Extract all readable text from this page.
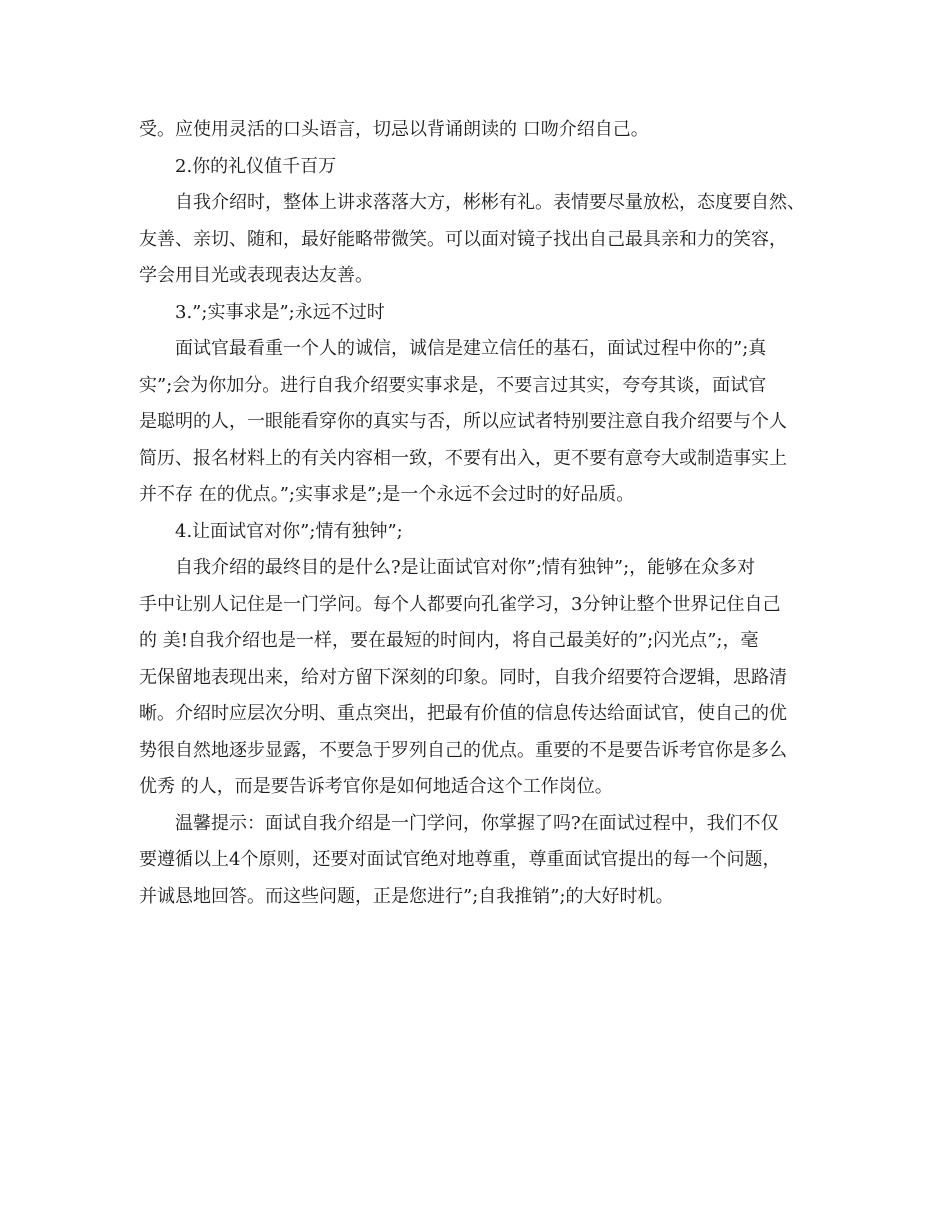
受。应使用灵活的口头语言，切忌以背诵朗读的 口吻介绍自己。
2.你的礼仪值千百万
自我介绍时，整体上讲求落落大方，彬彬有礼。表情要尽量放松，态度要自然、
友善、亲切、随和，最好能略带微笑。可以面对镜子找出自己最具亲和力的笑容，
学会用目光或表现表达友善。
3.”;实事求是”;永远不过时
面试官最看重一个人的诚信，诚信是建立信任的基石，面试过程中你的”;真
实”;会为你加分。进行自我介绍要实事求是，不要言过其实，夸夸其谈，面试官
是聪明的人，一眼能看穿你的真实与否，所以应试者特别要注意自我介绍要与个人
简历、报名材料上的有关内容相一致，不要有出入，更不要有意夸大或制造事实上
并不存 在的优点。”;实事求是”;是一个永远不会过时的好品质。
4.让面试官对你”;情有独钟”;
自我介绍的最终目的是什么?是让面试官对你”;情有独钟”;，能够在众多对
手中让别人记住是一门学问。每个人都要向孔雀学习，3分钟让整个世界记住自己
的 美!自我介绍也是一样，要在最短的时间内，将自己最美好的”;闪光点”;，毫
无保留地表现出来，给对方留下深刻的印象。同时，自我介绍要符合逻辑，思路清
晰。介绍时应层次分明、重点突出，把最有价值的信息传达给面试官，使自己的优
势很自然地逐步显露，不要急于罗列自己的优点。重要的不是要告诉考官你是多么
优秀 的人，而是要告诉考官你是如何地适合这个工作岗位。
温馨提示：面试自我介绍是一门学问，你掌握了吗?在面试过程中，我们不仅
要遵循以上4个原则，还要对面试官绝对地尊重，尊重面试官提出的每一个问题，
并诚恳地回答。而这些问题，正是您进行”;自我推销”;的大好时机。
